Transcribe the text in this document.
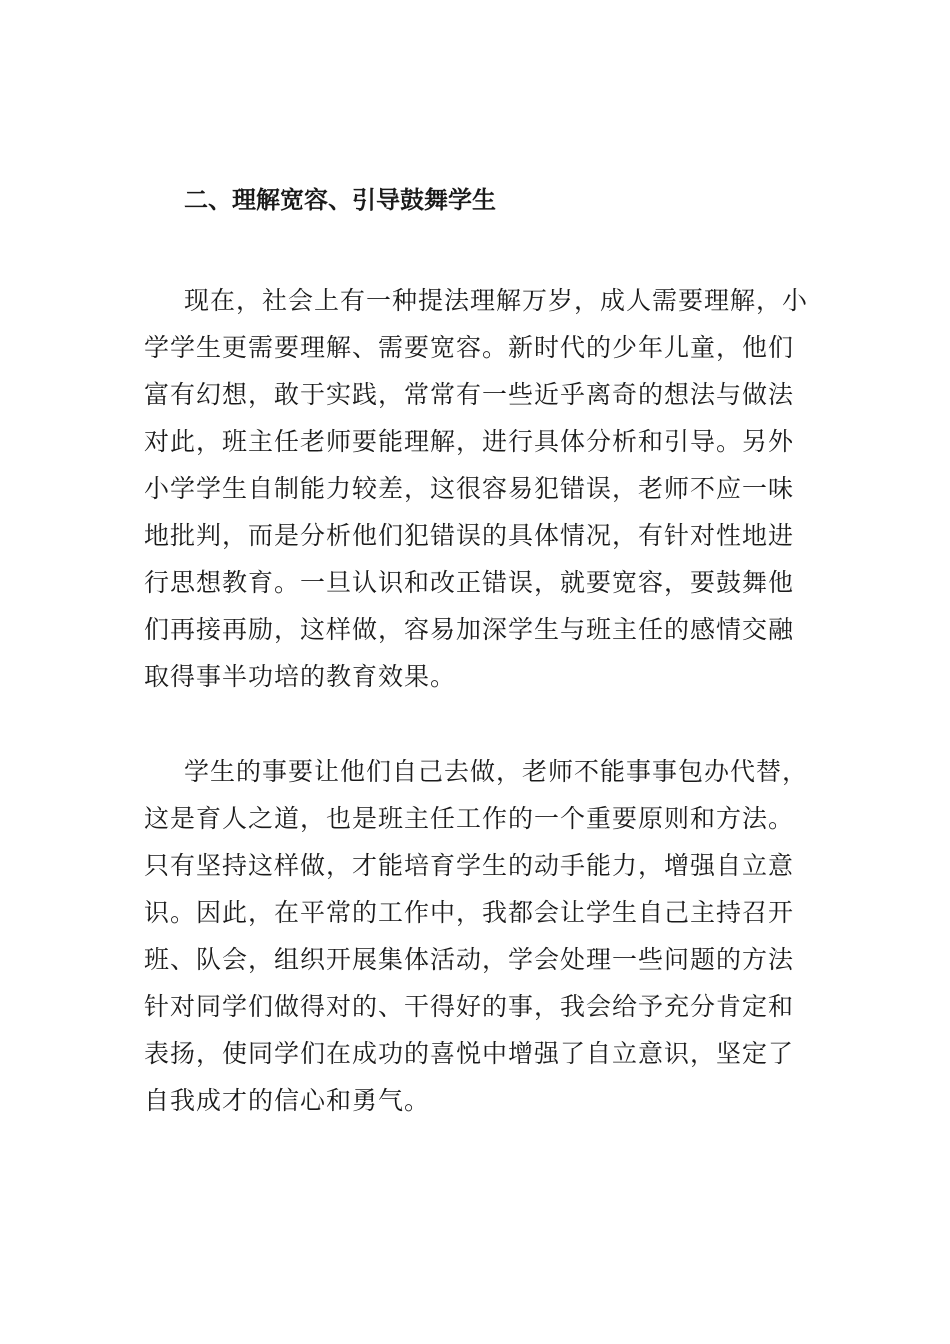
二、理解宽容、引导鼓舞学生
现在，社会上有一种提法理解万岁，成人需要理解，小
学学生更需要理解、需要宽容。新时代的少年儿童，他们
富有幻想，敢于实践，常常有一些近乎离奇的想法与做法
对此，班主任老师要能理解，进行具体分析和引导。另外
小学学生自制能力较差，这很容易犯错误，老师不应一味
地批判，而是分析他们犯错误的具体情况，有针对性地进
行思想教育。一旦认识和改正错误，就要宽容，要鼓舞他
们再接再励，这样做，容易加深学生与班主任的感情交融
取得事半功培的教育效果。
学生的事要让他们自己去做，老师不能事事包办代替，
这是育人之道，也是班主任工作的一个重要原则和方法。
只有坚持这样做，才能培育学生的动手能力，增强自立意
识。因此，在平常的工作中，我都会让学生自己主持召开
班、队会，组织开展集体活动，学会处理一些问题的方法
针对同学们做得对的、干得好的事，我会给予充分肯定和
表扬，使同学们在成功的喜悦中增强了自立意识，坚定了
自我成才的信心和勇气。
